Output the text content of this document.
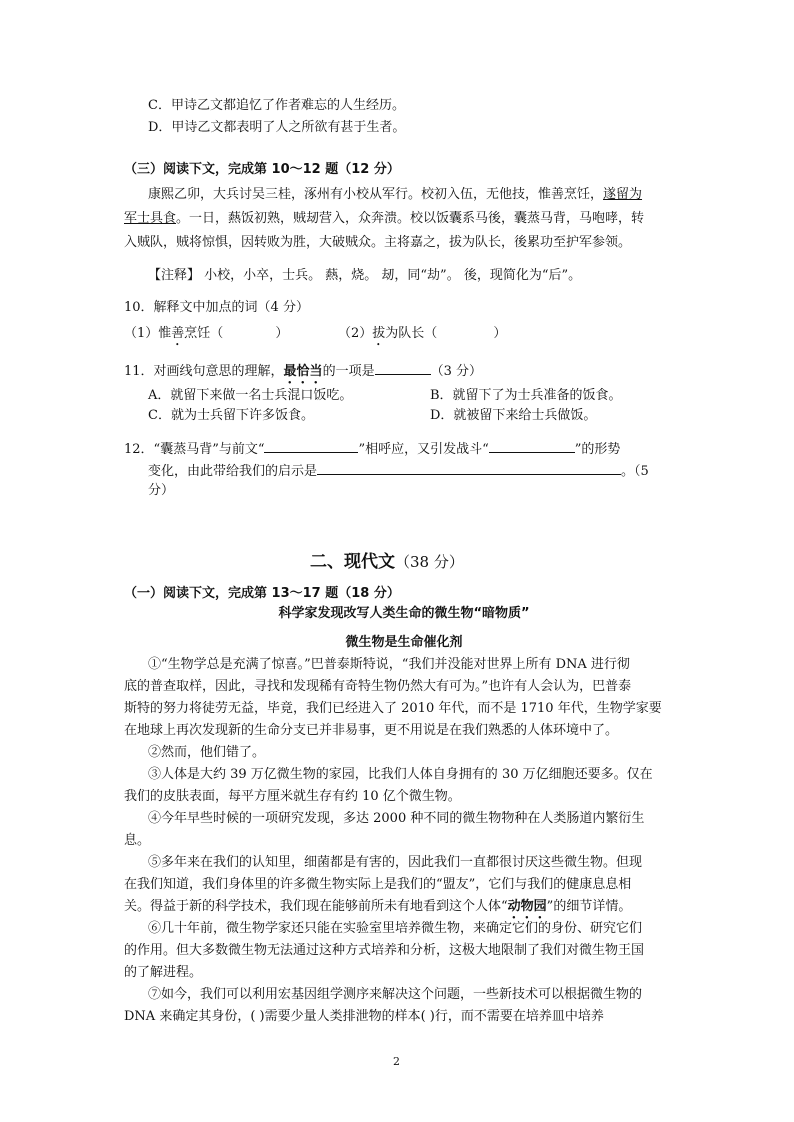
C．甲诗乙文都追忆了作者难忘的人生经历。
D．甲诗乙文都表明了人之所欲有甚于生者。
（三）阅读下文，完成第 10～12 题（12 分）
康熙乙卯，大兵讨吴三桂，涿州有小校从军行。校初入伍，无他技，惟善烹饪，遂留为
军士具食。一日，爇饭初熟，贼刼营入，众奔溃。校以饭囊系马後，囊蒸马背，马咆哮，转
入贼队，贼将惊惧，因转败为胜，大破贼众。主将嘉之，拔为队长，後累功至护军参领。
【注释】 小校，小卒，士兵。 爇，烧。 刼，同“劫”。 後，现简化为“后”。
10．解释文中加点的词（4 分）
（1）惟善烹饪（	）	（2）拔为队长（	）
11．对画线句意思的理解，最恰当的一项是	（3 分）
A．就留下来做一名士兵混口饭吃。	B．就留下了为士兵准备的饭食。
C．就为士兵留下许多饭食。	D．就被留下来给士兵做饭。
12．“囊蒸马背”与前文“	”相呼应，又引发战斗“	”的形势
变化，由此带给我们的启示是	。（5
分）
二、现代文（38 分）
（一）阅读下文，完成第 13～17 题（18 分）
科学家发现改写人类生命的微生物“暗物质”
微生物是生命催化剂
①“生物学总是充满了惊喜。”巴普泰斯特说，“我们并没能对世界上所有 DNA 进行彻
底的普查取样，因此，寻找和发现稀有奇特生物仍然大有可为。”也许有人会认为，巴普泰
斯特的努力将徒劳无益，毕竟，我们已经进入了 2010 年代，而不是 1710 年代，生物学家要
在地球上再次发现新的生命分支已并非易事，更不用说是在我们熟悉的人体环境中了。
②然而，他们错了。
③人体是大约 39 万亿微生物的家园，比我们人体自身拥有的 30 万亿细胞还要多。仅在
我们的皮肤表面，每平方厘米就生存有约 10 亿个微生物。
④今年早些时候的一项研究发现，多达 2000 种不同的微生物物种在人类肠道内繁衍生
息。
⑤多年来在我们的认知里，细菌都是有害的，因此我们一直都很讨厌这些微生物。但现
在我们知道，我们身体里的许多微生物实际上是我们的“盟友”，它们与我们的健康息息相
关。得益于新的科学技术，我们现在能够前所未有地看到这个人体“动物园”的细节详情。
⑥几十年前，微生物学家还只能在实验室里培养微生物，来确定它们的身份、研究它们
的作用。但大多数微生物无法通过这种方式培养和分析，这极大地限制了我们对微生物王国
的了解进程。
⑦如今，我们可以利用宏基因组学测序来解决这个问题，一些新技术可以根据微生物的
DNA 来确定其身份，( )需要少量人类排泄物的样本( )行，而不需要在培养皿中培养
2
